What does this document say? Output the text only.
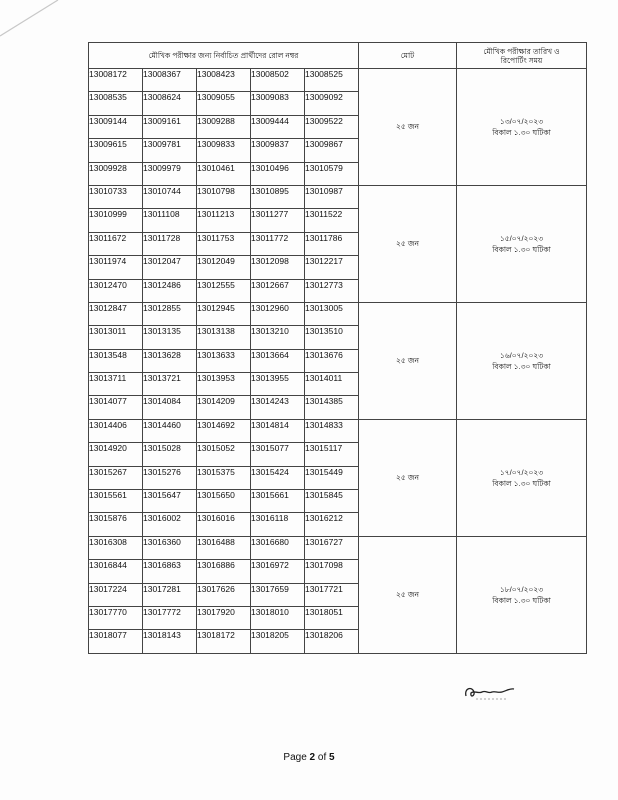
মৌখিক পরীক্ষার জন্য নির্বাচিত প্রার্থীদের রোল নম্বর					মোট	মৌখিক পরীক্ষার তারিখ ও রিপোর্টিং সময়
13008172	13008367	13008423	13008502	13008525	২৫ জন	১৩/০৭/২০২৩
বিকাল ১.৩০ ঘটিকা

13008535	13008624	13009055	13009083	13009092		
13009144	13009161	13009288	13009444	13009522		
13009615	13009781	13009833	13009837	13009867		
13009928	13009979	13010461	13010496	13010579		
13010733	13010744	13010798	13010895	13010987	২৫ জন	১৫/০৭/২০২৩
বিকাল ১.৩০ ঘটিকা

13010999	13011108	13011213	13011277	13011522		
13011672	13011728	13011753	13011772	13011786		
13011974	13012047	13012049	13012098	13012217		
13012470	13012486	13012555	13012667	13012773		
13012847	13012855	13012945	13012960	13013005	২৫ জন	১৬/০৭/২০২৩
বিকাল ১.৩০ ঘটিকা

13013011	13013135	13013138	13013210	13013510		
13013548	13013628	13013633	13013664	13013676		
13013711	13013721	13013953	13013955	13014011		
13014077	13014084	13014209	13014243	13014385		
13014406	13014460	13014692	13014814	13014833	২৫ জন	১৭/০৭/২০২৩
বিকাল ১.৩০ ঘটিকা

13014920	13015028	13015052	13015077	13015117		
13015267	13015276	13015375	13015424	13015449		
13015561	13015647	13015650	13015661	13015845		
13015876	13016002	13016016	13016118	13016212		
13016308	13016360	13016488	13016680	13016727	২৫ জন	১৮/০৭/২০২৩
বিকাল ১.৩০ ঘটিকা

13016844	13016863	13016886	13016972	13017098		
13017224	13017281	13017626	13017659	13017721		
13017770	13017772	13017920	13018010	13018051		
13018077	13018143	13018172	13018205	13018206		
Page 2 of 5
